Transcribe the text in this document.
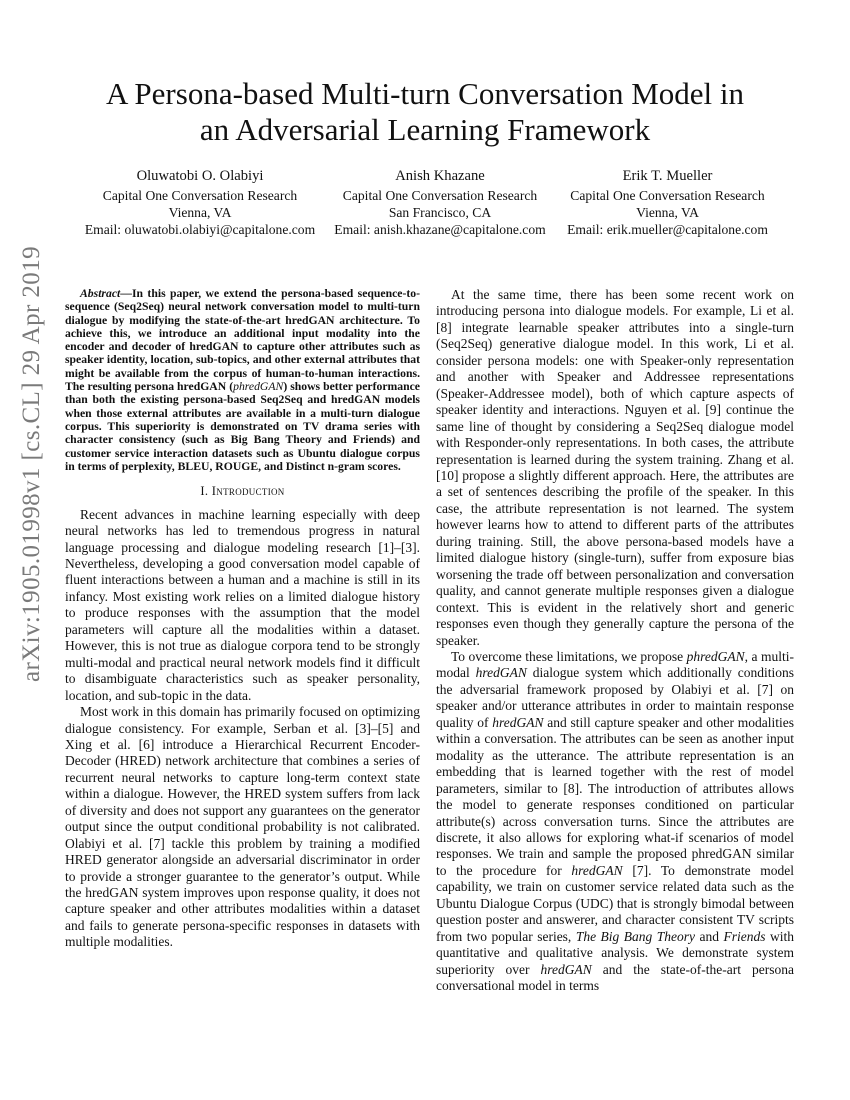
arXiv:1905.01998v1 [cs.CL] 29 Apr 2019
A Persona-based Multi-turn Conversation Model in
an Adversarial Learning Framework
Oluwatobi O. Olabiyi
Capital One Conversation Research
Vienna, VA
Email: oluwatobi.olabiyi@capitalone.com
Anish Khazane
Capital One Conversation Research
San Francisco, CA
Email: anish.khazane@capitalone.com
Erik T. Mueller
Capital One Conversation Research
Vienna, VA
Email: erik.mueller@capitalone.com

Abstract—In this paper, we extend the persona-based sequence-to-sequence (Seq2Seq) neural network conversation model to multi-turn dialogue by modifying the state-of-the-art hredGAN architecture. To achieve this, we introduce an additional input modality into the encoder and decoder of hredGAN to capture other attributes such as speaker identity, location, sub-topics, and other external attributes that might be available from the corpus of human-to-human interactions. The resulting persona hredGAN (phredGAN) shows better performance than both the existing persona-based Seq2Seq and hredGAN models when those external attributes are available in a multi-turn dialogue corpus. This superiority is demonstrated on TV drama series with character consistency (such as Big Bang Theory and Friends) and customer service interaction datasets such as Ubuntu dialogue corpus in terms of perplexity, BLEU, ROUGE, and Distinct n-gram scores.

I. Introduction

Recent advances in machine learning especially with deep neural networks has led to tremendous progress in natural language processing and dialogue modeling research [1]–[3]. Nevertheless, developing a good conversation model capable of fluent interactions between a human and a machine is still in its infancy. Most existing work relies on a limited dialogue history to produce responses with the assumption that the model parameters will capture all the modalities within a dataset. However, this is not true as dialogue corpora tend to be strongly multi-modal and practical neural network models find it difficult to disambiguate characteristics such as speaker personality, location, and sub-topic in the data.

Most work in this domain has primarily focused on optimizing dialogue consistency. For example, Serban et al. [3]–[5] and Xing et al. [6] introduce a Hierarchical Recurrent Encoder-Decoder (HRED) network architecture that combines a series of recurrent neural networks to capture long-term context state within a dialogue. However, the HRED system suffers from lack of diversity and does not support any guarantees on the generator output since the output conditional probability is not calibrated. Olabiyi et al. [7] tackle this problem by training a modified HRED generator alongside an adversarial discriminator in order to provide a stronger guarantee to the generator’s output. While the hredGAN system improves upon response quality, it does not capture speaker and other attributes modalities within a dataset and fails to generate persona-specific responses in datasets with multiple modalities.

At the same time, there has been some recent work on introducing persona into dialogue models. For example, Li et al. [8] integrate learnable speaker attributes into a single-turn (Seq2Seq) generative dialogue model. In this work, Li et al. consider persona models: one with Speaker-only representation and another with Speaker and Addressee representations (Speaker-Addressee model), both of which capture aspects of speaker identity and interactions. Nguyen et al. [9] continue the same line of thought by considering a Seq2Seq dialogue model with Responder-only representations. In both cases, the attribute representation is learned during the system training. Zhang et al. [10] propose a slightly different approach. Here, the attributes are a set of sentences describing the profile of the speaker. In this case, the attribute representation is not learned. The system however learns how to attend to different parts of the attributes during training. Still, the above persona-based models have a limited dialogue history (single-turn), suffer from exposure bias worsening the trade off between personalization and conversation quality, and cannot generate multiple responses given a dialogue context. This is evident in the relatively short and generic responses even though they generally capture the persona of the speaker.

To overcome these limitations, we propose phredGAN, a multi-modal hredGAN dialogue system which additionally conditions the adversarial framework proposed by Olabiyi et al. [7] on speaker and/or utterance attributes in order to maintain response quality of hredGAN and still capture speaker and other modalities within a conversation. The attributes can be seen as another input modality as the utterance. The attribute representation is an embedding that is learned together with the rest of model parameters, similar to [8]. The introduction of attributes allows the model to generate responses conditioned on particular attribute(s) across conversation turns. Since the attributes are discrete, it also allows for exploring what-if scenarios of model responses. We train and sample the proposed phredGAN similar to the procedure for hredGAN [7]. To demonstrate model capability, we train on customer service related data such as the Ubuntu Dialogue Corpus (UDC) that is strongly bimodal between question poster and answerer, and character consistent TV scripts from two popular series, The Big Bang Theory and Friends with quantitative and qualitative analysis. We demonstrate system superiority over hredGAN and the state-of-the-art persona conversational model in terms
